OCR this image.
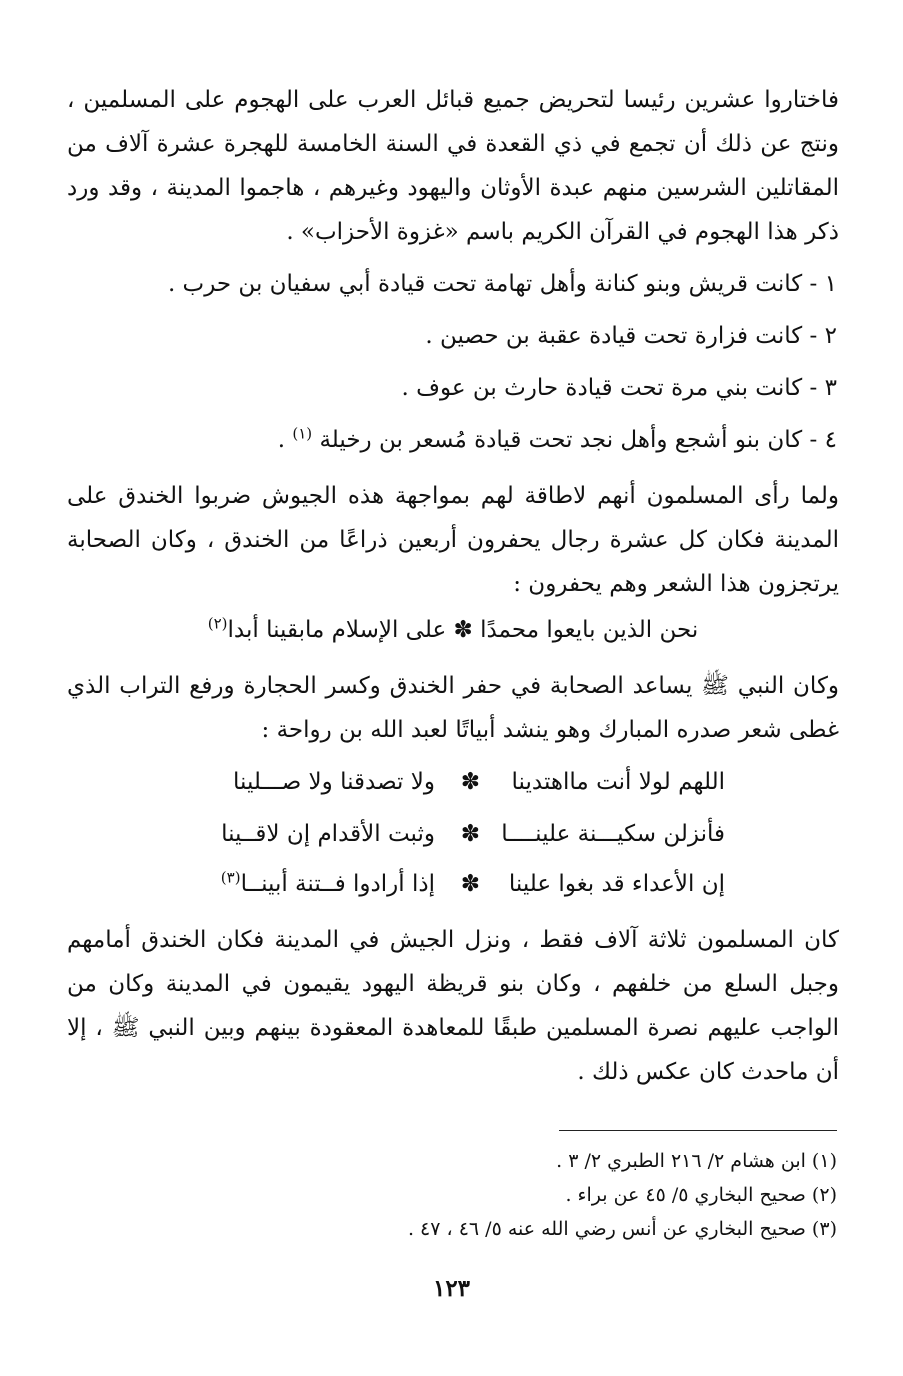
فاختاروا عشرين رئيسا لتحريض جميع قبائل العرب على الهجوم على المسلمين ، ونتج عن ذلك أن تجمع في ذي القعدة في السنة الخامسة للهجرة عشرة آلاف من المقاتلين الشرسين منهم عبدة الأوثان واليهود وغيرهم ، هاجموا المدينة ، وقد ورد ذكر هذا الهجوم في القرآن الكريم باسم «غزوة الأحزاب» .

١ - كانت قريش وبنو كنانة وأهل تهامة تحت قيادة أبي سفيان بن حرب .
٢ - كانت فزارة تحت قيادة عقبة بن حصين .
٣ - كانت بني مرة تحت قيادة حارث بن عوف .
٤ - كان بنو أشجع وأهل نجد تحت قيادة مُسعر بن رخيلة $^{(١)}$ .

ولما رأى المسلمون أنهم لاطاقة لهم بمواجهة هذه الجيوش ضربوا الخندق على المدينة فكان كل عشرة رجال يحفرون أربعين ذراعًا من الخندق ، وكان الصحابة يرتجزون هذا الشعر وهم يحفرون :

نحن الذين بايعوا محمدًا ✽ على الإسلام مابقينا أبدا$^{(٢)}$

وكان النبي ﷺ يساعد الصحابة في حفر الخندق وكسر الحجارة ورفع التراب الذي غطى شعر صدره المبارك وهو ينشد أبياتًا لعبد الله بن رواحة :

اللهم لولا أنت مااهتدينا
✽
ولا تصدقنا ولا صـــلينا
فأنزلن سكيـــنة علينــــا
✽
وثبت الأقدام إن لاقــينا
إن الأعداء قد بغوا علينا
✽
إذا أرادوا فــتنة أبينــا$^{(٣)}$

كان المسلمون ثلاثة آلاف فقط ، ونزل الجيش في المدينة فكان الخندق أمامهم وجبل السلع من خلفهم ، وكان بنو قريظة اليهود يقيمون في المدينة وكان من الواجب عليهم نصرة المسلمين طبقًا للمعاهدة المعقودة بينهم وبين النبي ﷺ ، إلا أن ماحدث كان عكس ذلك .

(١) ابن هشام ٢/ ٢١٦ الطبري ٢/ ٣ .
(٢) صحيح البخاري ٥/ ٤٥ عن براء .
(٣) صحيح البخاري عن أنس رضي الله عنه ٥/ ٤٦ ، ٤٧ .
١٢٣
